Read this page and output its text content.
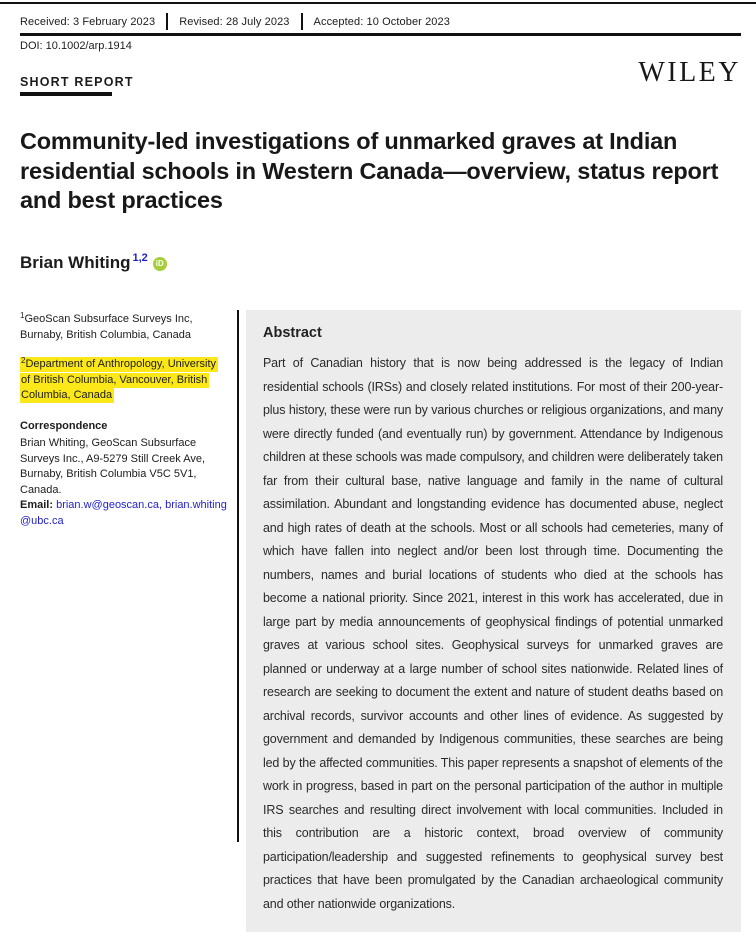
Received: 3 February 2023 Revised: 28 July 2023 Accepted: 10 October 2023
DOI: 10.1002/arp.1914
SHORT REPORT	WILEY
Community-led investigations of unmarked graves at Indian residential schools in Western Canada—overview, status report and best practices
Brian Whiting $^{1,2}$ iD

$^1$GeoScan Subsurface Surveys Inc, Burnaby, British Columbia, Canada

$^2$Department of Anthropology, University of British Columbia, Vancouver, British Columbia, Canada

Correspondence
Brian Whiting, GeoScan Subsurface Surveys Inc., A9-5279 Still Creek Ave, Burnaby, British Columbia V5C 5V1, Canada.
Email: brian.w@geoscan.ca, brian.whiting@ubc.ca
Abstract
Part of Canadian history that is now being addressed is the legacy of Indian residential schools (IRSs) and closely related institutions. For most of their 200-year-plus history, these were run by various churches or religious organizations, and many were directly funded (and eventually run) by government. Attendance by Indigenous children at these schools was made compulsory, and children were deliberately taken far from their cultural base, native language and family in the name of cultural assimilation. Abundant and longstanding evidence has documented abuse, neglect and high rates of death at the schools. Most or all schools had cemeteries, many of which have fallen into neglect and/or been lost through time. Documenting the numbers, names and burial locations of students who died at the schools has become a national priority. Since 2021, interest in this work has accelerated, due in large part by media announcements of geophysical findings of potential unmarked graves at various school sites. Geophysical surveys for unmarked graves are planned or underway at a large number of school sites nationwide. Related lines of research are seeking to document the extent and nature of student deaths based on archival records, survivor accounts and other lines of evidence. As suggested by government and demanded by Indigenous communities, these searches are being led by the affected communities. This paper represents a snapshot of elements of the work in progress, based in part on the personal participation of the author in multiple IRS searches and resulting direct involvement with local communities. Included in this contribution are a historic context, broad overview of community participation/leadership and suggested refinements to geophysical survey best practices that have been promulgated by the Canadian archaeological community and other nationwide organizations.
